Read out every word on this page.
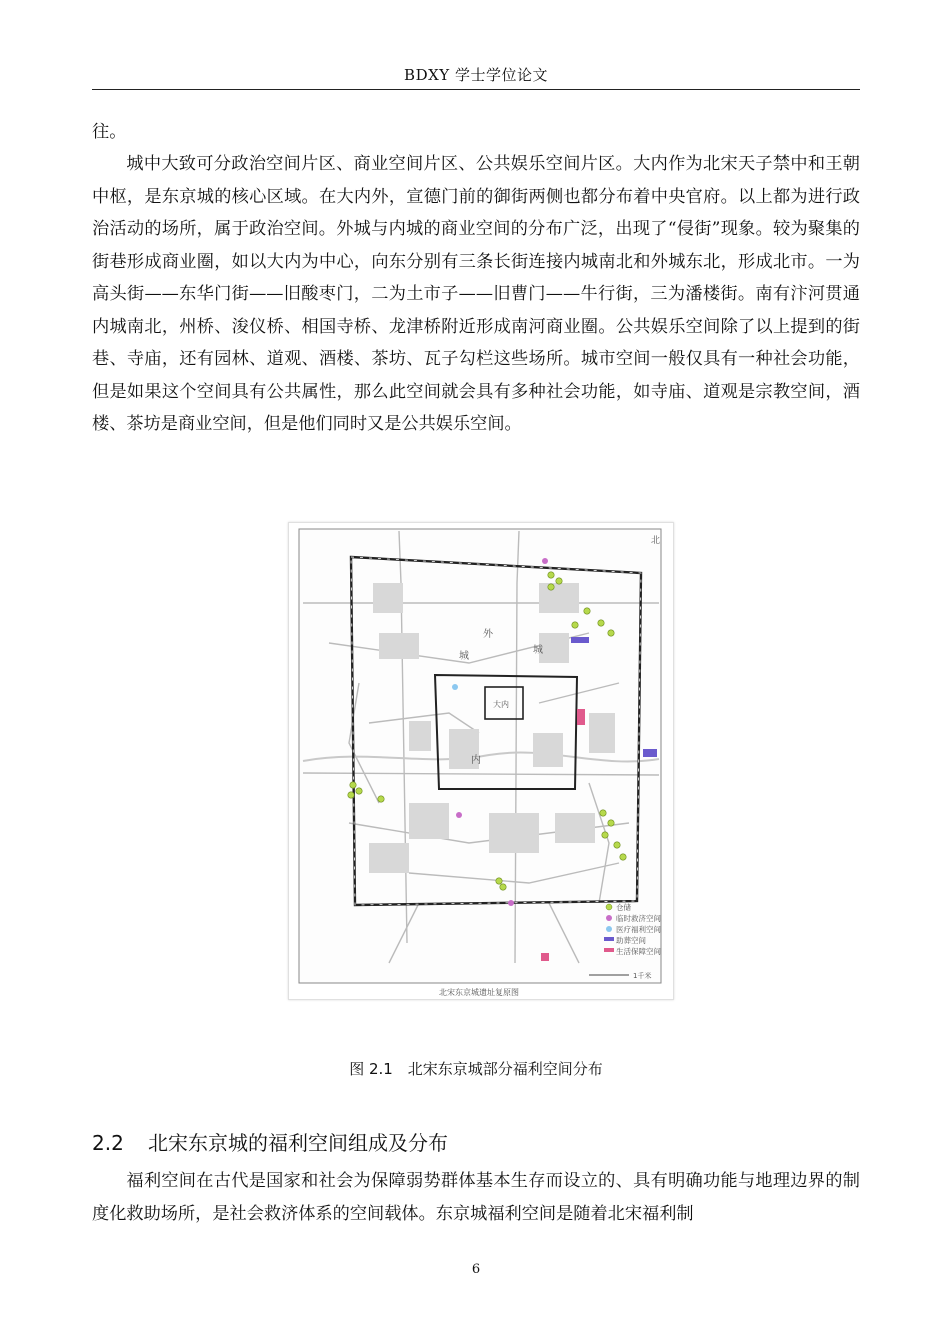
BDXY 学士学位论文

往。

城中大致可分政治空间片区、商业空间片区、公共娱乐空间片区。大内作为北宋天子禁中和王朝中枢，是东京城的核心区域。在大内外，宣德门前的御街两侧也都分布着中央官府。以上都为进行政治活动的场所，属于政治空间。外城与内城的商业空间的分布广泛，出现了“侵街”现象。较为聚集的街巷形成商业圈，如以大内为中心，向东分别有三条长街连接内城南北和外城东北，形成北市。一为高头街——东华门街——旧酸枣门，二为土市子——旧曹门——牛行街，三为潘楼街。南有汴河贯通内城南北，州桥、浚仪桥、相国寺桥、龙津桥附近形成南河商业圈。公共娱乐空间除了以上提到的街巷、寺庙，还有园林、道观、酒楼、茶坊、瓦子勾栏这些场所。城市空间一般仅具有一种社会功能，但是如果这个空间具有公共属性，那么此空间就会具有多种社会功能，如寺庙、道观是宗教空间，酒楼、茶坊是商业空间，但是他们同时又是公共娱乐空间。

北
外
城
内
城
大内
北宋东京城遗址复原图
1千米
仓储
临时救济空间
医疗福利空间
助葬空间
生活保障空间
图 2.1　北宋东京城部分福利空间分布
2.2 北宋东京城的福利空间组成及分布

福利空间在古代是国家和社会为保障弱势群体基本生存而设立的、具有明确功能与地理边界的制度化救助场所，是社会救济体系的空间载体。东京城福利空间是随着北宋福利制

6
